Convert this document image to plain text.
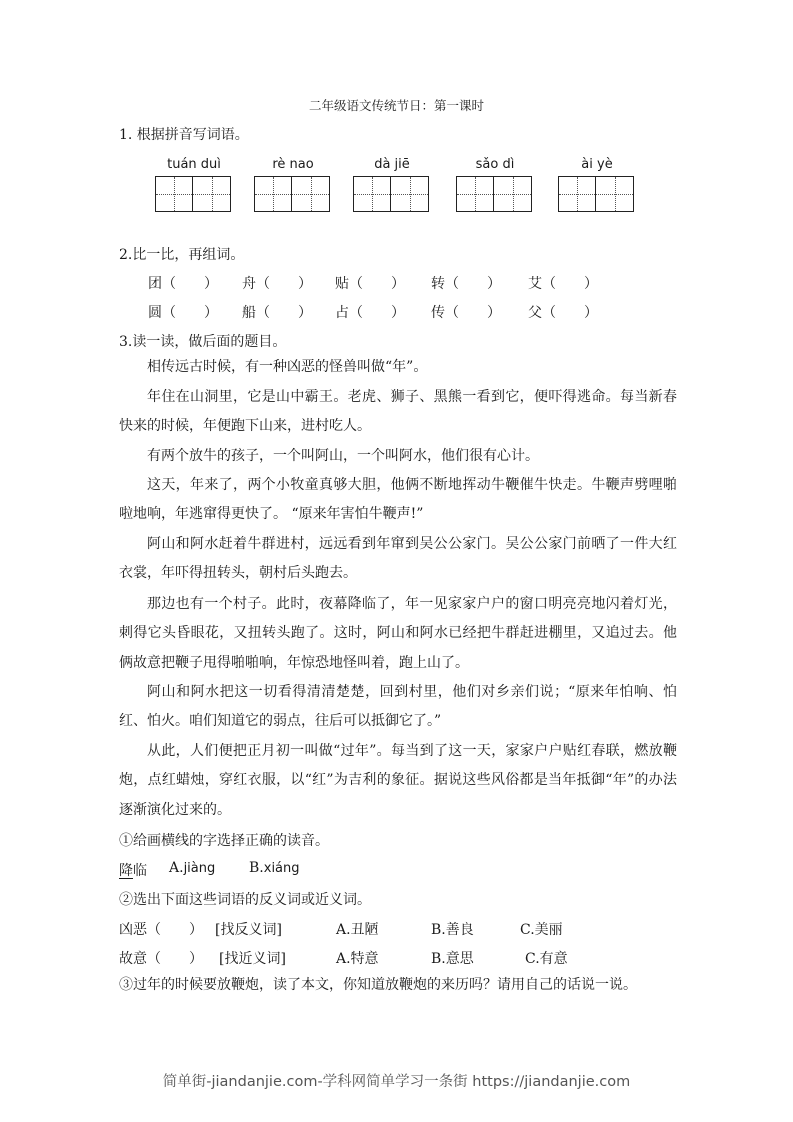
二年级语文传统节日：第一课时
1. 根据拼音写词语。
tuán duì	rè nao	dà jiē	sǎo dì	ài yè
2.比一比，再组词。
团（　　） 舟（　　） 贴（　　） 转（　　） 艾（　　）
圆（　　） 船（　　） 占（　　） 传（　　） 父（　　）
3.读一读，做后面的题目。

相传远古时候，有一种凶恶的怪兽叫做“年”。

年住在山洞里，它是山中霸王。老虎、狮子、黑熊一看到它，便吓得逃命。每当新春快来的时候，年便跑下山来，进村吃人。

有两个放牛的孩子，一个叫阿山，一个叫阿水，他们很有心计。

这天，年来了，两个小牧童真够大胆，他俩不断地挥动牛鞭催牛快走。牛鞭声劈哩啪啦地响，年逃窜得更快了。 “原来年害怕牛鞭声!”

阿山和阿水赶着牛群进村，远远看到年窜到吴公公家门。吴公公家门前晒了一件大红衣裳，年吓得扭转头，朝村后头跑去。

那边也有一个村子。此时，夜幕降临了，年一见家家户户的窗口明亮亮地闪着灯光，刺得它头昏眼花，又扭转头跑了。这时，阿山和阿水已经把牛群赶进棚里，又追过去。他俩故意把鞭子甩得啪啪响，年惊恐地怪叫着，跑上山了。

阿山和阿水把这一切看得清清楚楚，回到村里，他们对乡亲们说；“原来年怕响、怕红、怕火。咱们知道它的弱点，往后可以抵御它了。”

从此，人们便把正月初一叫做“过年”。每当到了这一天，家家户户贴红春联，燃放鞭炮，点红蜡烛，穿红衣服，以“红”为吉利的象征。据说这些风俗都是当年抵御“年”的办法逐渐演化过来的。

①给画横线的字选择正确的读音。
降临 A.jiàng B.xiáng
②选出下面这些词语的反义词或近义词。
凶恶（　　） [找反义词]	A.丑陋	B.善良	C.美丽
故意（　　） [找近义词]	A.特意	B.意思	C.有意

③过年的时候要放鞭炮，读了本文，你知道放鞭炮的来历吗？请用自己的话说一说。

简单街-jiandanjie.com-学科网简单学习一条街 https://jiandanjie.com
